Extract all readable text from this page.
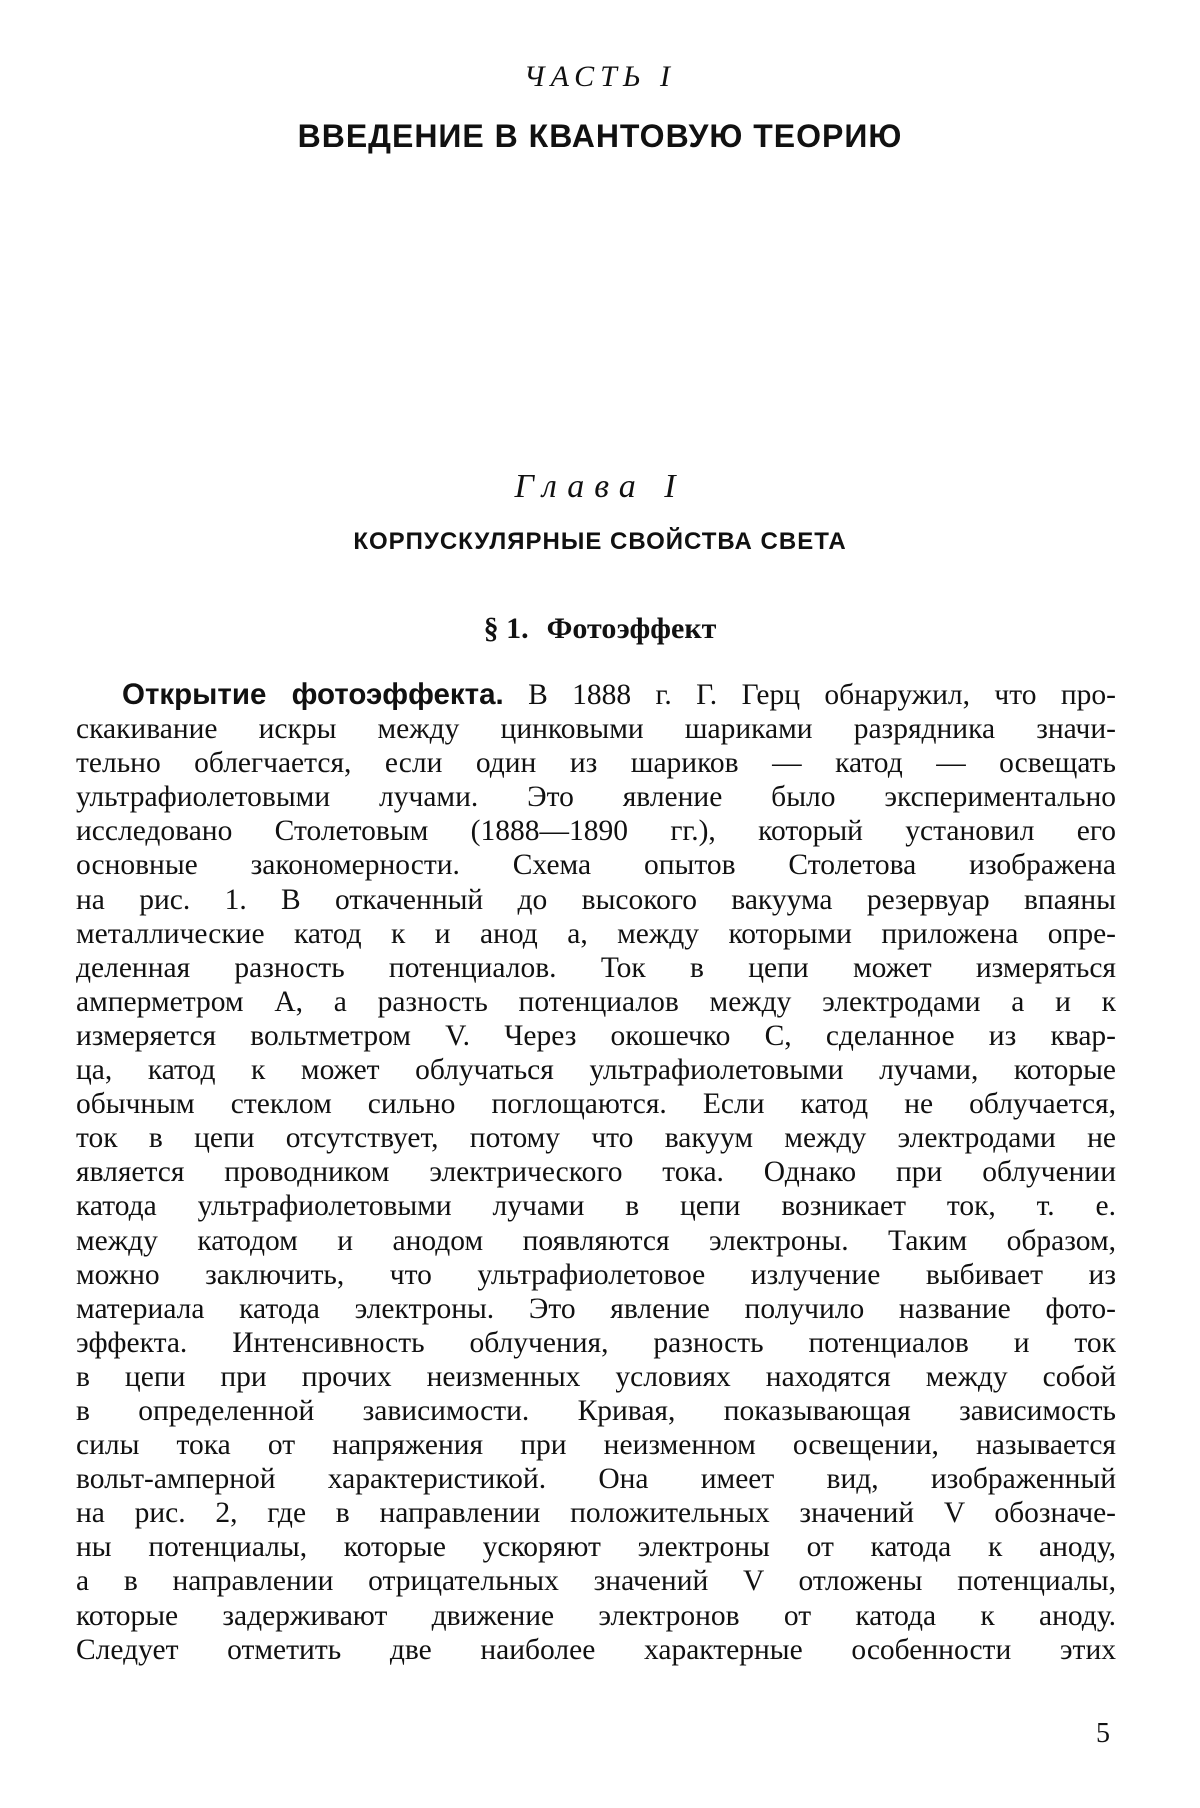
ЧАСТЬ I
ВВЕДЕНИЕ В КВАНТОВУЮ ТЕОРИЮ
Глава I
КОРПУСКУЛЯРНЫЕ СВОЙСТВА СВЕТА
§ 1. Фотоэффект
Открытие фотоэффекта. В 1888 г. Г. Герц обнаружил, что про-
скакивание искры между цинковыми шариками разрядника значи-
тельно облегчается, если один из шариков — катод — освещать
ультрафиолетовыми лучами. Это явление было экспериментально
исследовано Столетовым (1888—1890 гг.), который установил его
основные закономерности. Схема опытов Столетова изображена
на рис. 1. В откаченный до высокого вакуума резервуар впаяны
металлические катод к и анод а, между которыми приложена опре-
деленная разность потенциалов. Ток в цепи может измеряться
амперметром А, а разность потенциалов между электродами а и к
измеряется вольтметром V. Через окошечко С, сделанное из квар-
ца, катод к может облучаться ультрафиолетовыми лучами, которые
обычным стеклом сильно поглощаются. Если катод не облучается,
ток в цепи отсутствует, потому что вакуум между электродами не
является проводником электрического тока. Однако при облучении
катода ультрафиолетовыми лучами в цепи возникает ток, т. е.
между катодом и анодом появляются электроны. Таким образом,
можно заключить, что ультрафиолетовое излучение выбивает из
материала катода электроны. Это явление получило название фото-
эффекта. Интенсивность облучения, разность потенциалов и ток
в цепи при прочих неизменных условиях находятся между собой
в определенной зависимости. Кривая, показывающая зависимость
силы тока от напряжения при неизменном освещении, называется
вольт-амперной характеристикой. Она имеет вид, изображенный
на рис. 2, где в направлении положительных значений V обозначе-
ны потенциалы, которые ускоряют электроны от катода к аноду,
а в направлении отрицательных значений V отложены потенциалы,
которые задерживают движение электронов от катода к аноду.
Следует отметить две наиболее характерные особенности этих
5
